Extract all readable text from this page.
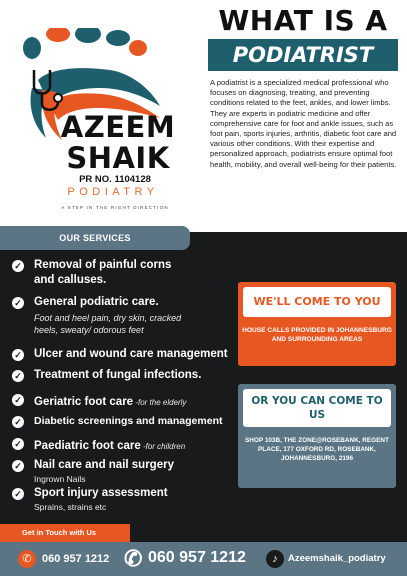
AZEEM
SHAIK
PR NO. 1104128
PODIATRY
A STEP IN THE RIGHT DIRECTION
WHAT IS A
PODIATRIST
A podiatrist is a specialized medical professional who focuses on diagnosing, treating, and preventing conditions related to the feet, ankles, and lower limbs. They are experts in podiatric medicine and offer comprehensive care for foot and ankle issues, such as foot pain, sports injuries, arthritis, diabetic foot care and various other conditions. With their expertise and personalized approach, podiatrists ensure optimal foot health, mobility, and overall well-being for their patients.
OUR SERVICES
✓ Removal of painful corns
and calluses.
✓ General podiatric care.
Foot and heel pain, dry skin, cracked
heels, sweaty/ odorous feet
✓ Ulcer and wound care management
✓ Treatment of fungal infections.
✓ Geriatric foot care -for the elderly
✓ Diabetic screenings and management
✓ Paediatric foot care -for children
✓ Nail care and nail surgery
Ingrown Nails
✓ Sport injury assessment
Sprains, strains etc
WE'LL COME TO YOU
HOUSE CALLS PROVIDED IN JOHANNESBURG AND SURROUNDING AREAS
OR YOU CAN COME TO US
SHOP 103B, THE ZONE@ROSEBANK, REGENT PLACE, 177 OXFORD RD, ROSEBANK, JOHANNESBURG, 2196
Get in Touch with Us
✆ 060 957 1212 ✆ 060 957 1212	♪	Azeemshaik_podiatry
